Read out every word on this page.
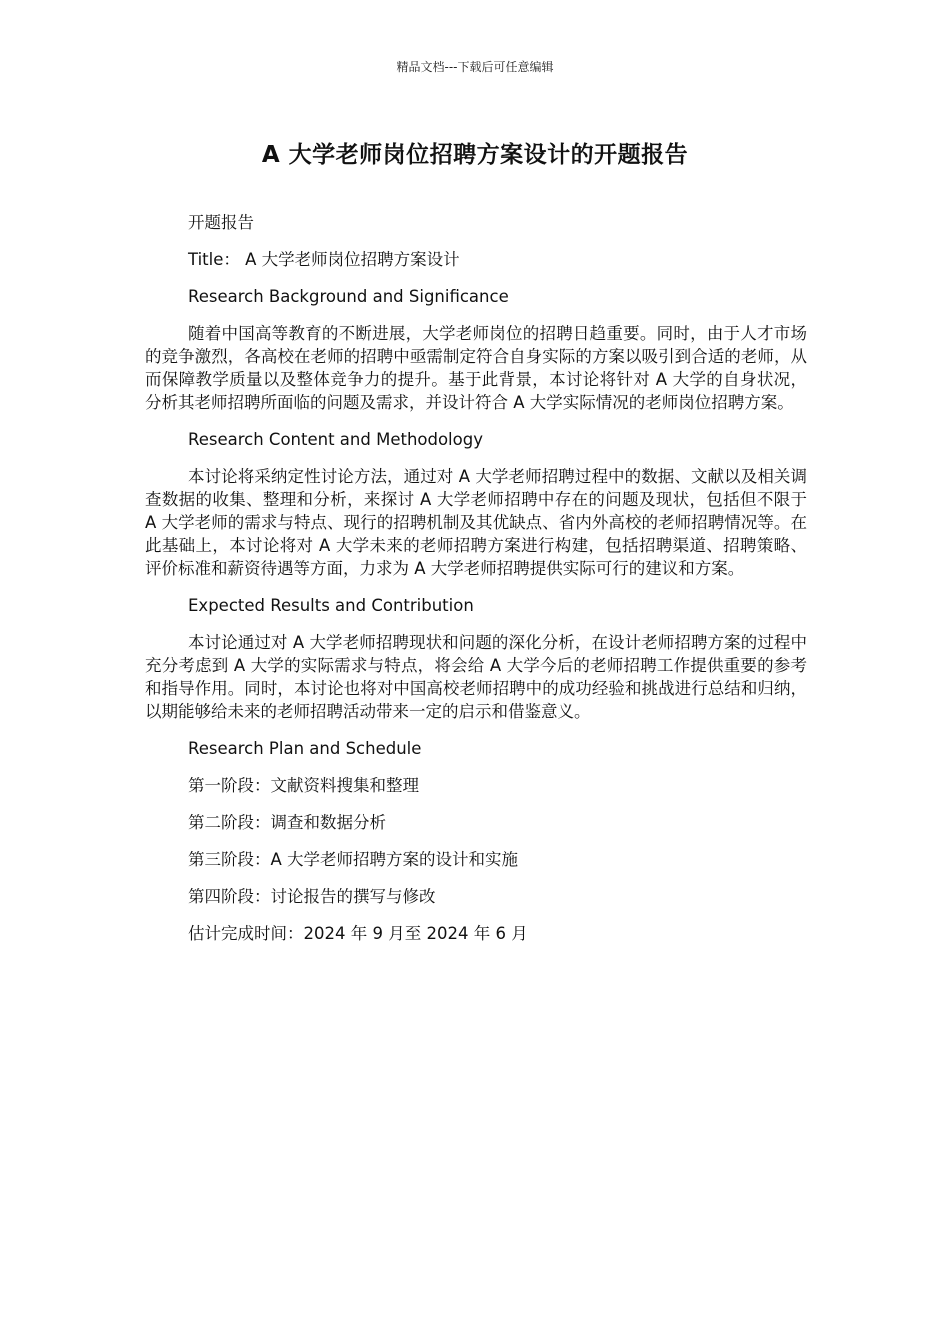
精品文档---下载后可任意编辑
A 大学老师岗位招聘方案设计的开题报告
开题报告
Title： A 大学老师岗位招聘方案设计
Research Background and Significance
随着中国高等教育的不断进展，大学老师岗位的招聘日趋重要。同时，由于人才市场的竞争激烈，各高校在老师的招聘中亟需制定符合自身实际的方案以吸引到合适的老师，从而保障教学质量以及整体竞争力的提升。基于此背景，本讨论将针对 A 大学的自身状况，分析其老师招聘所面临的问题及需求，并设计符合 A 大学实际情况的老师岗位招聘方案。
Research Content and Methodology
本讨论将采纳定性讨论方法，通过对 A 大学老师招聘过程中的数据、文献以及相关调查数据的收集、整理和分析，来探讨 A 大学老师招聘中存在的问题及现状，包括但不限于 A 大学老师的需求与特点、现行的招聘机制及其优缺点、省内外高校的老师招聘情况等。在此基础上，本讨论将对 A 大学未来的老师招聘方案进行构建，包括招聘渠道、招聘策略、评价标准和薪资待遇等方面，力求为 A 大学老师招聘提供实际可行的建议和方案。
Expected Results and Contribution
本讨论通过对 A 大学老师招聘现状和问题的深化分析，在设计老师招聘方案的过程中充分考虑到 A 大学的实际需求与特点，将会给 A 大学今后的老师招聘工作提供重要的参考和指导作用。同时，本讨论也将对中国高校老师招聘中的成功经验和挑战进行总结和归纳，以期能够给未来的老师招聘活动带来一定的启示和借鉴意义。
Research Plan and Schedule
第一阶段：文献资料搜集和整理
第二阶段：调查和数据分析
第三阶段：A 大学老师招聘方案的设计和实施
第四阶段：讨论报告的撰写与修改
估计完成时间：2024 年 9 月至 2024 年 6 月
